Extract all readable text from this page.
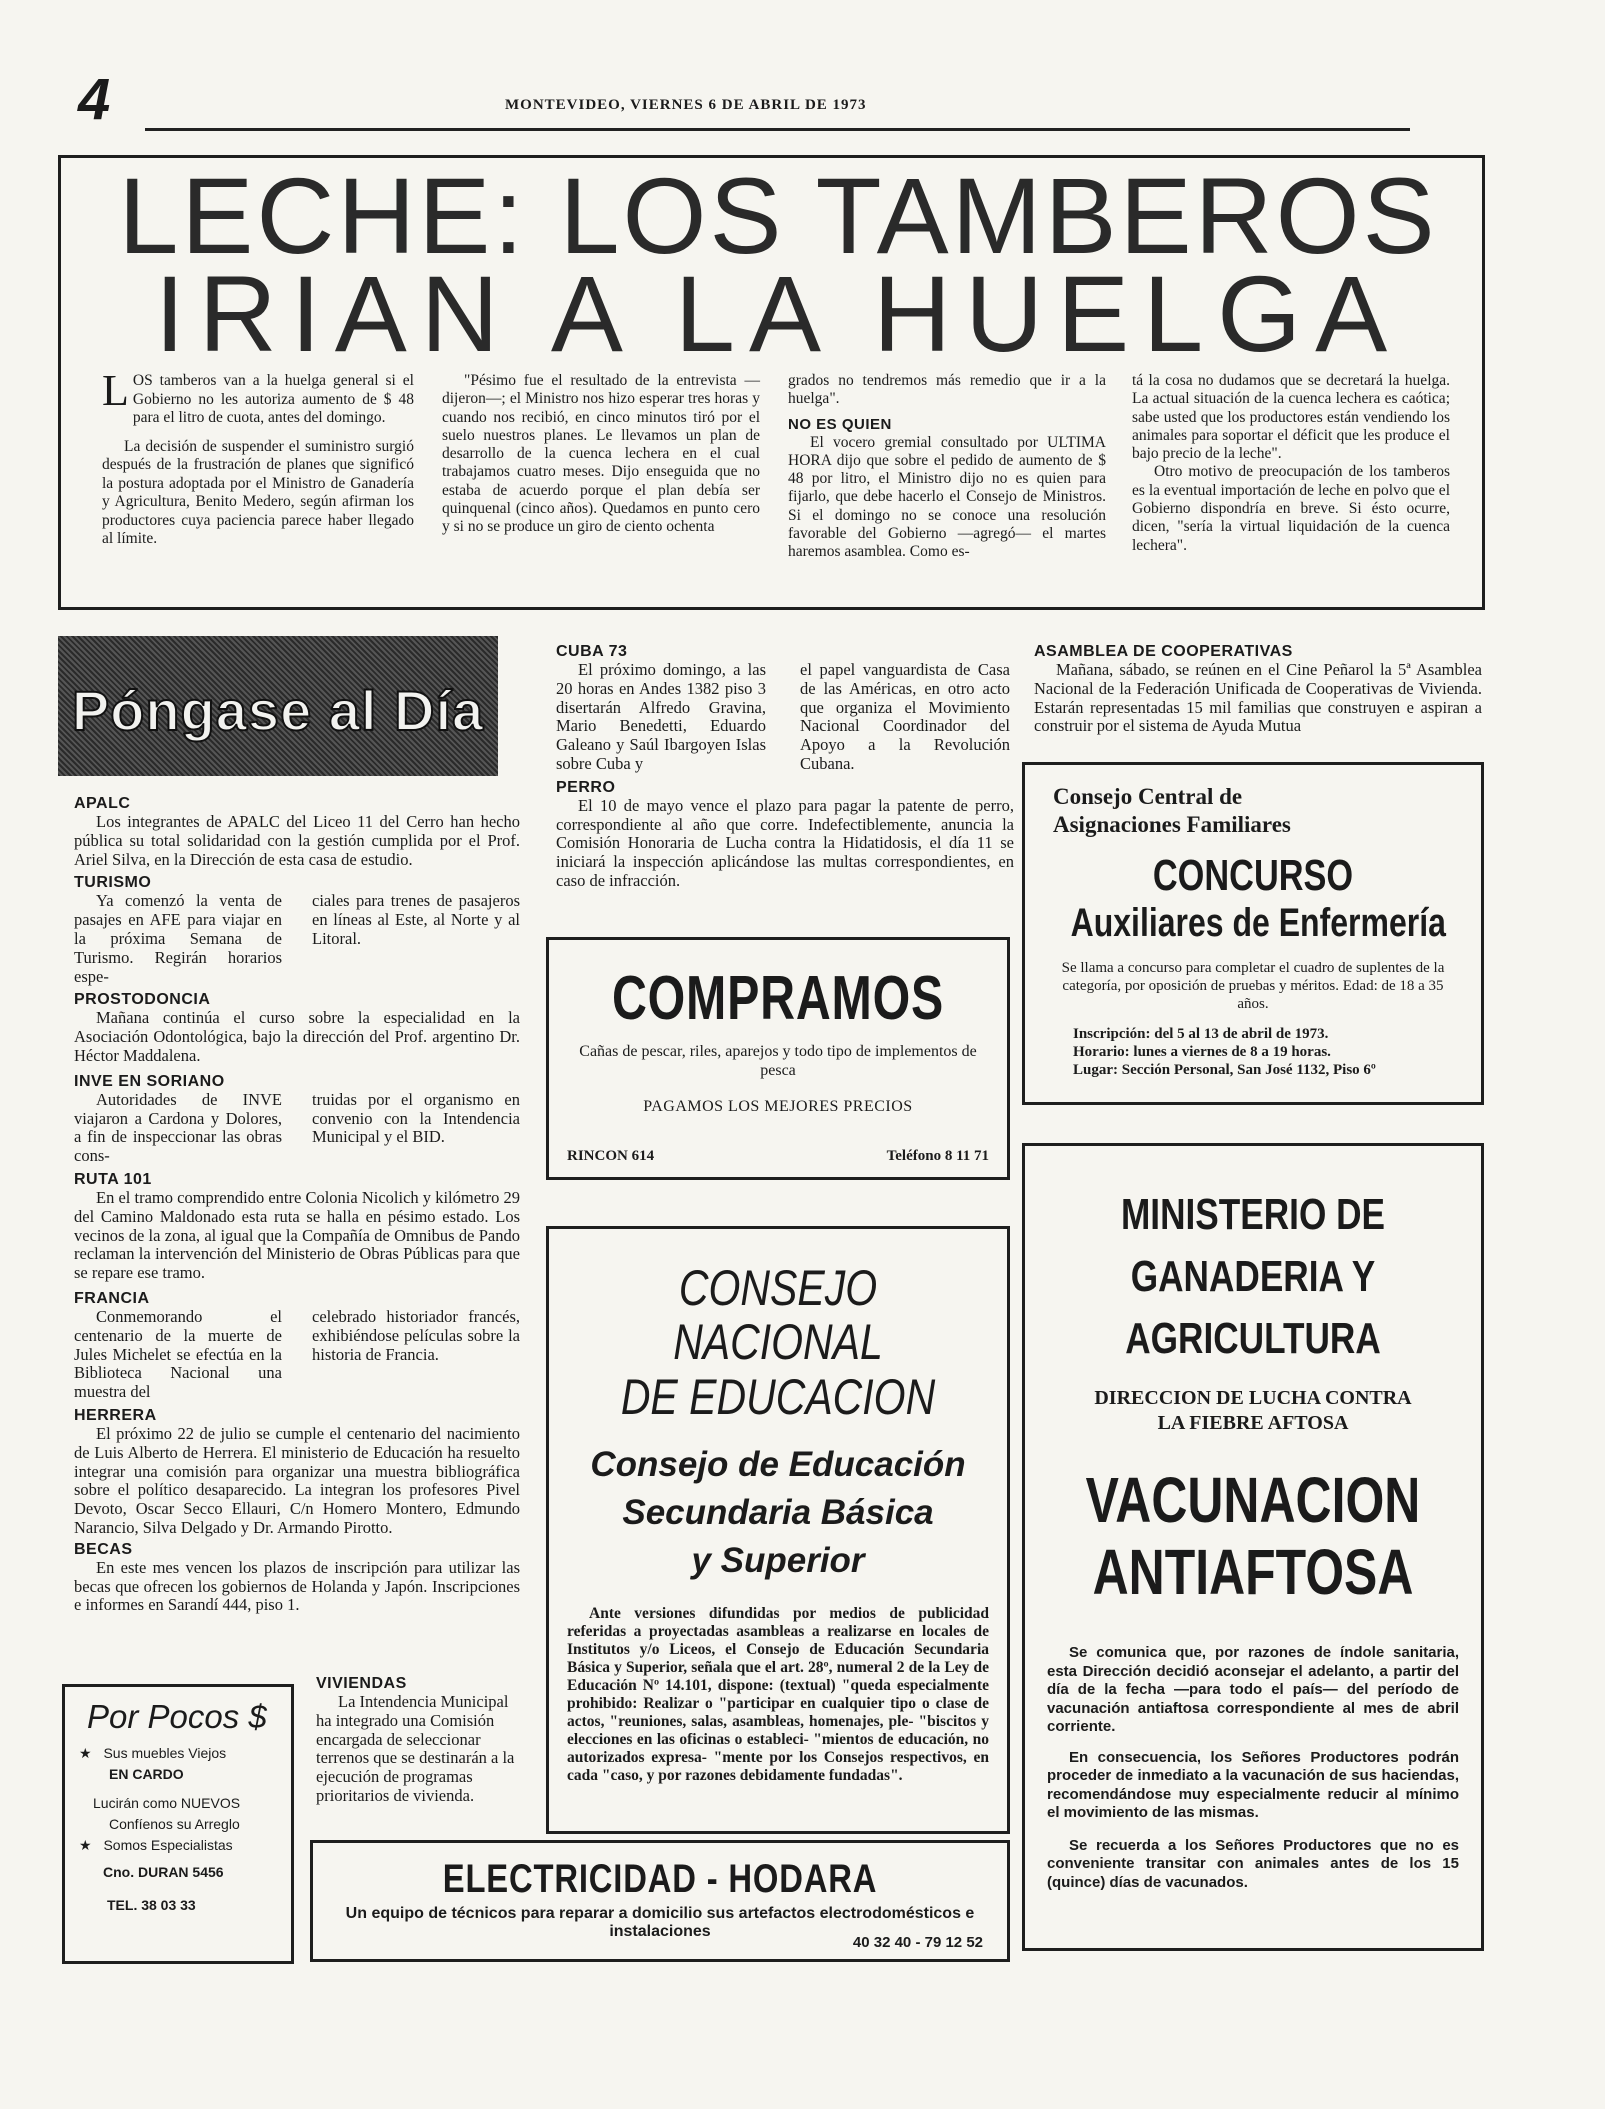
4	MONTEVIDEO, VIERNES 6 DE ABRIL DE 1973
LECHE: LOS TAMBEROS
IRIAN A LA HUELGA

L OS tamberos van a la huelga general si el Gobierno no les autoriza aumento de $ 48 para el litro de cuota, antes del domingo.

La decisión de suspender el suministro surgió después de la frustración de planes que significó la postura adoptada por el Ministro de Ganadería y Agricultura, Benito Medero, según afirman los productores cuya paciencia parece haber llegado al límite.

"Pésimo fue el resultado de la entrevista —dijeron—; el Ministro nos hizo esperar tres horas y cuando nos recibió, en cinco minutos tiró por el suelo nuestros planes. Le llevamos un plan de desarrollo de la cuenca lechera en el cual trabajamos cuatro meses. Dijo enseguida que no estaba de acuerdo porque el plan debía ser quinquenal (cinco años). Quedamos en punto cero y si no se produce un giro de ciento ochenta

grados no tendremos más remedio que ir a la huelga".

NO ES QUIEN

El vocero gremial consultado por ULTIMA HORA dijo que sobre el pedido de aumento de $ 48 por litro, el Ministro dijo no es quien para fijarlo, que debe hacerlo el Consejo de Ministros. Si el domingo no se conoce una resolución favorable del Gobierno —agregó— el martes haremos asamblea. Como es-

tá la cosa no dudamos que se decretará la huelga. La actual situación de la cuenca lechera es caótica; sabe usted que los productores están vendiendo los animales para soportar el déficit que les produce el bajo precio de la leche".

Otro motivo de preocupación de los tamberos es la eventual importación de leche en polvo que el Gobierno dispondría en breve. Si ésto ocurre, dicen, "sería la virtual liquidación de la cuenca lechera".

Póngase al Día

APALC

Los integrantes de APALC del Liceo 11 del Cerro han hecho pública su total solidaridad con la gestión cumplida por el Prof. Ariel Silva, en la Dirección de esta casa de estudio.

TURISMO

Ya comenzó la venta de pasajes en AFE para viajar en la próxima Semana de Turismo. Regirán horarios espe-

ciales para trenes de pasajeros en líneas al Este, al Norte y al Litoral.

PROSTODONCIA

Mañana continúa el curso sobre la especialidad en la Asociación Odontológica, bajo la dirección del Prof. argentino Dr. Héctor Maddalena.

INVE EN SORIANO

Autoridades de INVE viajaron a Cardona y Dolores, a fin de inspeccionar las obras cons-

truidas por el organismo en convenio con la Intendencia Municipal y el BID.

RUTA 101

En el tramo comprendido entre Colonia Nicolich y kilómetro 29 del Camino Maldonado esta ruta se halla en pésimo estado. Los vecinos de la zona, al igual que la Compañía de Omnibus de Pando reclaman la intervención del Ministerio de Obras Públicas para que se repare ese tramo.

FRANCIA

Conmemorando el centenario de la muerte de Jules Michelet se efectúa en la Biblioteca Nacional una muestra del

celebrado historiador francés, exhibiéndose películas sobre la historia de Francia.

HERRERA

El próximo 22 de julio se cumple el centenario del nacimiento de Luis Alberto de Herrera. El ministerio de Educación ha resuelto integrar una comisión para organizar una muestra bibliográfica sobre el político desaparecido. La integran los profesores Pivel Devoto, Oscar Secco Ellauri, C/n Homero Montero, Edmundo Narancio, Silva Delgado y Dr. Armando Pirotto.

BECAS

En este mes vencen los plazos de inscripción para utilizar las becas que ofrecen los gobiernos de Holanda y Japón. Inscripciones e informes en Sarandí 444, piso 1.

CUBA 73

El próximo domingo, a las 20 horas en Andes 1382 piso 3 disertarán Alfredo Gravina, Mario Benedetti, Eduardo Galeano y Saúl Ibargoyen Islas sobre Cuba y

el papel vanguardista de Casa de las Américas, en otro acto que organiza el Movimiento Nacional Coordinador del Apoyo a la Revolución Cubana.

PERRO

El 10 de mayo vence el plazo para pagar la patente de perro, correspondiente al año que corre. Indefectiblemente, anuncia la Comisión Honoraria de Lucha contra la Hidatidosis, el día 11 se iniciará la inspección aplicándose las multas correspondientes, en caso de infracción.

ASAMBLEA DE COOPERATIVAS

Mañana, sábado, se reúnen en el Cine Peñarol la 5ª Asamblea Nacional de la Federación Unificada de Cooperativas de Vivienda. Estarán representadas 15 mil familias que construyen e aspiran a construir por el sistema de Ayuda Mutua

COMPRAMOS
Cañas de pescar, riles, aparejos y todo tipo de implementos de pesca
PAGAMOS LOS MEJORES PRECIOS
RINCON 614	Teléfono 8 11 71
CONSEJO NACIONAL
DE EDUCACION
Consejo de Educación
Secundaria Básica
y Superior

Ante versiones difundidas por medios de publicidad referidas a proyectadas asambleas a realizarse en locales de Institutos y/o Liceos, el Consejo de Educación Secundaria Básica y Superior, señala que el art. 28º, numeral 2 de la Ley de Educación Nº 14.101, dispone: (textual) "queda especialmente prohibido: Realizar o "participar en cualquier tipo o clase de actos, "reuniones, salas, asambleas, homenajes, ple- "biscitos y elecciones en las oficinas o estableci- "mientos de educación, no autorizados expresa- "mente por los Consejos respectivos, en cada "caso, y por razones debidamente fundadas".

Consejo Central de
Asignaciones Familiares
CONCURSO
Auxiliares de Enfermería

Se llama a concurso para completar el cuadro de suplentes de la categoría, por oposición de pruebas y méritos. Edad: de 18 a 35 años.

Inscripción: del 5 al 13 de abril de 1973.
Horario: lunes a viernes de 8 a 19 horas.
Lugar: Sección Personal, San José 1132, Piso 6º
MINISTERIO DE
GANADERIA Y
AGRICULTURA
DIRECCION DE LUCHA CONTRA
LA FIEBRE AFTOSA
VACUNACION
ANTIAFTOSA

Se comunica que, por razones de índole sanitaria, esta Dirección decidió aconsejar el adelanto, a partir del día de la fecha —para todo el país— del período de vacunación antiaftosa correspondiente al mes de abril corriente.

En consecuencia, los Señores Productores podrán proceder de inmediato a la vacunación de sus haciendas, recomendándose muy especialmente reducir al mínimo el movimiento de las mismas.

Se recuerda a los Señores Productores que no es conveniente transitar con animales antes de los 15 (quince) días de vacunados.

Por Pocos $
★ Sus muebles Viejos
EN CARDO
Lucirán como NUEVOS
Confíenos su Arreglo
★ Somos Especialistas
Cno. DURAN 5456
TEL. 38 03 33

VIVIENDAS

La Intendencia Municipal ha integrado una Comisión encargada de seleccionar terrenos que se destinarán a la ejecución de programas prioritarios de vivienda.

ELECTRICIDAD - HODARA
Un equipo de técnicos para reparar a domicilio sus artefactos electrodomésticos e instalaciones
40 32 40 - 79 12 52
